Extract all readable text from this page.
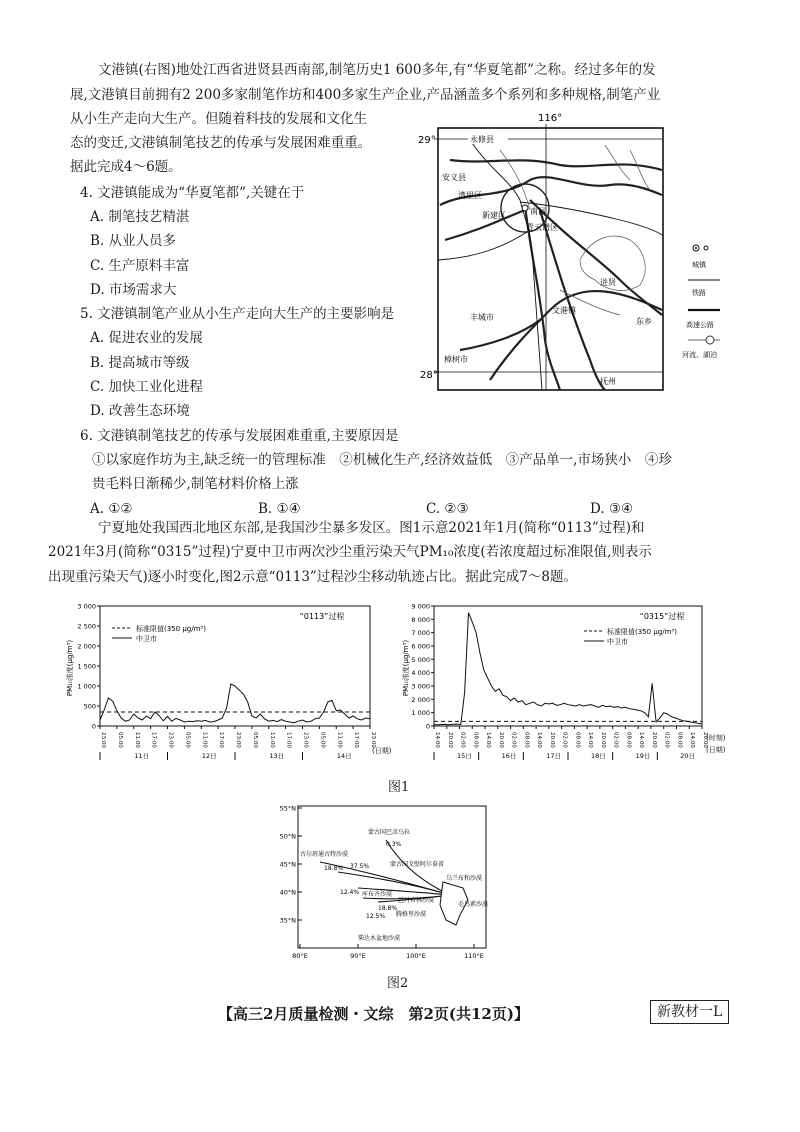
文港镇(右图)地处江西省进贤县西南部,制笔历史1 600多年,有“华夏笔都”之称。经过多年的发
展,文港镇目前拥有2 200多家制笔作坊和400多家生产企业,产品涵盖多个系列和多种规格,制笔产业
从小生产走向大生产。但随着科技的发展和文化生
态的变迁,文港镇制笔技艺的传承与发展困难重重。
据此完成4～6题。
4. 文港镇能成为“华夏笔都”,关键在于
A. 制笔技艺精湛
B. 从业人员多
C. 生产原料丰富
D. 市场需求大
5. 文港镇制笔产业从小生产走向大生产的主要影响是
A. 促进农业的发展
B. 提高城市等级
C. 加快工业化进程
D. 改善生态环境
6. 文港镇制笔技艺的传承与发展困难重重,主要原因是
①以家庭作坊为主,缺乏统一的管理标准　②机械化生产,经济效益低　③产品单一,市场狭小　④珍
贵毛料日渐稀少,制笔材料价格上涨
A. ①②	B. ①④	C. ②③	D. ③④
116°
29°
28°
永修县
安义县
湾里区
新建区	南昌
青云谱区
进贤
丰城市
文港镇
东乡
樟树市
抚州
城镇
铁路
高速公路
河流、湖泊
宁夏地处我国西北地区东部,是我国沙尘暴多发区。图1示意2021年1月(简称“0113”过程)和
2021年3月(简称“0315”过程)宁夏中卫市两次沙尘重污染天气PM₁₀浓度(若浓度超过标准限值,则表示
出现重污染天气)逐小时变化,图2示意“0113”过程沙尘移动轨迹占比。据此完成7～8题。
“0113”过程
标准限值(350 μg/m³)
中卫市
PM₁₀浓度(μg/m³)
3 000
2 500
2 000
1 500
1 000
500
0
23:00 05:00 11:00 17:00 23:00 05:00 11:00 17:00 23:00 05:00 11:00 17:00 23:00 05:00 11:00 17:00 23:00
11日	12日	13日	14日
(日期)
“0315”过程
标准限值(350 μg/m³)
中卫市
PM₁₀浓度(μg/m³)
9 000
8 000
7 000
6 000
5 000
4 000
3 000
2 000
1 000
0
14:00 20:00 02:00 08:00 14:00 20:00 02:00 08:00 14:00 20:00 02:00 08:00 14:00 20:00 02:00 08:00 14:00 20:00 02:00 08:00 14:00 20:00
15日	16日	17日	18日	19日	20日
(时刻)
(日期)
图1
55°N
50°N
45°N
40°N
35°N
80°E	90°E	100°E	110°E
蒙古国巴彦乌拉
0.3%
古尔班通古特沙漠
37.5%
18.8%
蒙古国戈壁阿尔泰省
乌兰布和沙漠
12.4% 库布齐沙漠
巴丹吉林沙漠
18.8%
毛乌素沙漠
腾格里沙漠
12.5%
柴达木盆地沙漠
图2
【高三2月质量检测・文综　第2页(共12页)】	新教材一L
